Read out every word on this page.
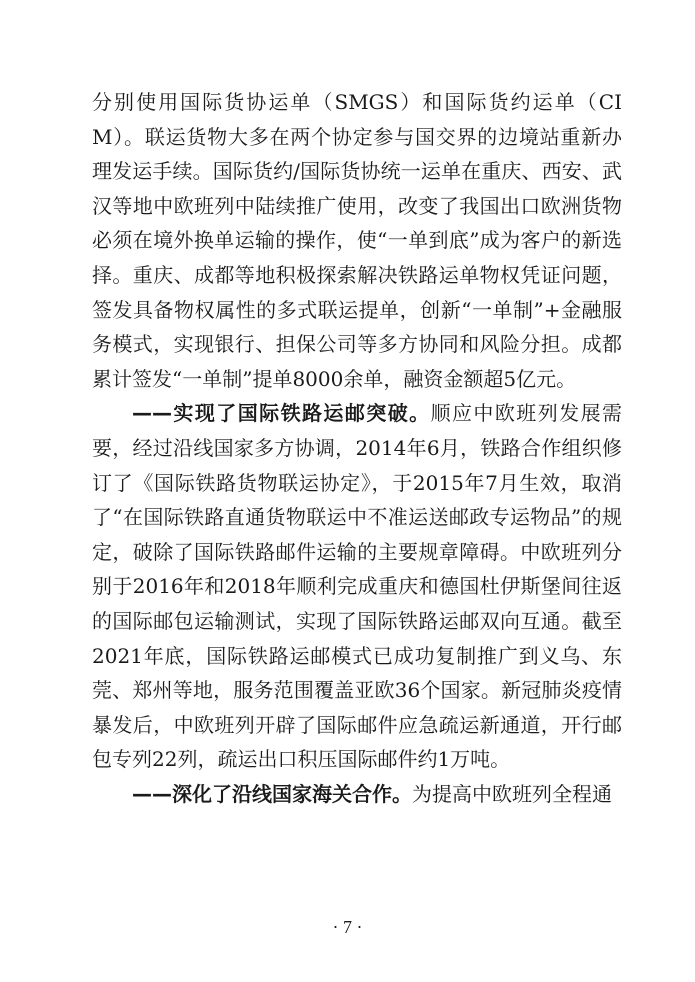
分别使用国际货协运单（SMGS）和国际货约运单（CIM）。联运货物大多在两个协定参与国交界的边境站重新办理发运手续。国际货约/国际货协统一运单在重庆、西安、武汉等地中欧班列中陆续推广使用，改变了我国出口欧洲货物必须在境外换单运输的操作，使“一单到底”成为客户的新选择。重庆、成都等地积极探索解决铁路运单物权凭证问题，签发具备物权属性的多式联运提单，创新“一单制”+金融服务模式，实现银行、担保公司等多方协同和风险分担。成都累计签发“一单制”提单8000余单，融资金额超5亿元。

——实现了国际铁路运邮突破。顺应中欧班列发展需要，经过沿线国家多方协调，2014年6月，铁路合作组织修订了《国际铁路货物联运协定》，于2015年7月生效，取消了“在国际铁路直通货物联运中不准运送邮政专运物品”的规定，破除了国际铁路邮件运输的主要规章障碍。中欧班列分别于2016年和2018年顺利完成重庆和德国杜伊斯堡间往返的国际邮包运输测试，实现了国际铁路运邮双向互通。截至2021年底，国际铁路运邮模式已成功复制推广到义乌、东莞、郑州等地，服务范围覆盖亚欧36个国家。新冠肺炎疫情暴发后，中欧班列开辟了国际邮件应急疏运新通道，开行邮包专列22列，疏运出口积压国际邮件约1万吨。

——深化了沿线国家海关合作。为提高中欧班列全程通

· 7 ·
